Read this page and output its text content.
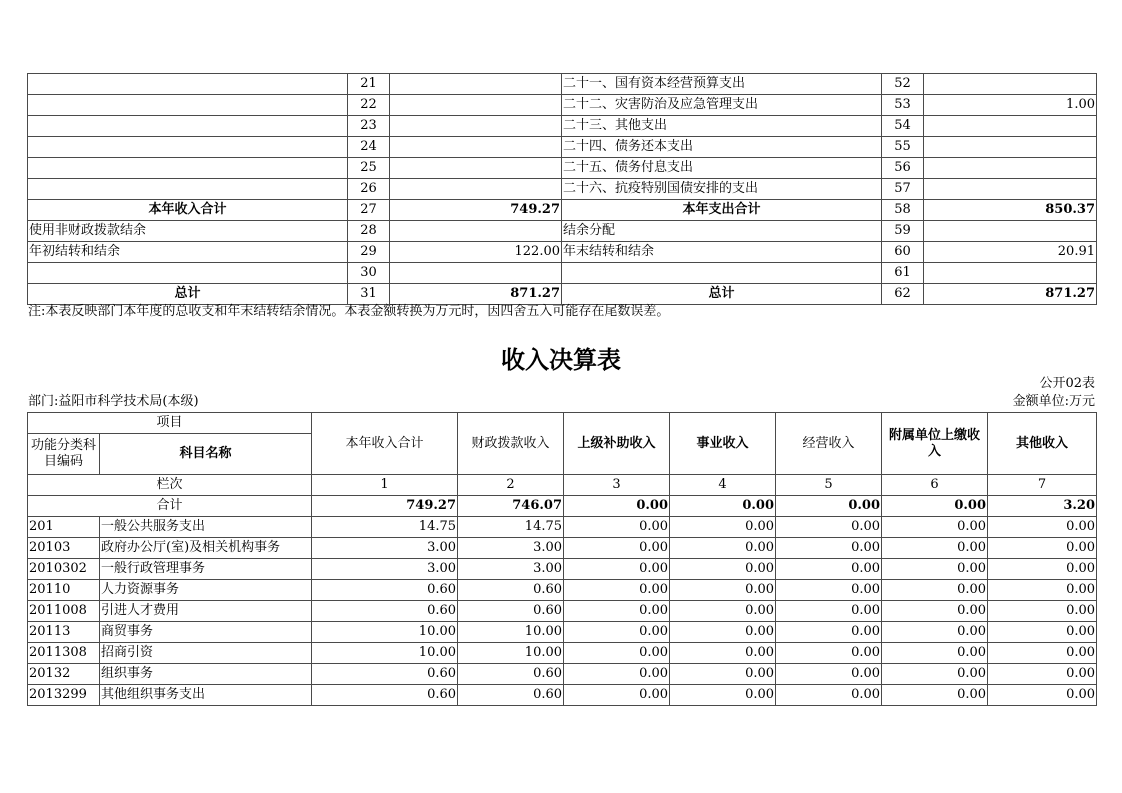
	21		二十一、国有资本经营预算支出	52	
	22		二十二、灾害防治及应急管理支出	53	1.00
	23		二十三、其他支出	54	
	24		二十四、债务还本支出	55	
	25		二十五、债务付息支出	56	
	26		二十六、抗疫特别国债安排的支出	57	
本年收入合计	27	749.27	本年支出合计	58	850.37
使用非财政拨款结余	28		结余分配	59	
年初结转和结余	29	122.00	年末结转和结余	60	20.91
	30			61	
总计	31	871.27	总计	62	871.27
注:本表反映部门本年度的总收支和年末结转结余情况。本表金额转换为万元时，因四舍五入可能存在尾数误差。
收入决算表
公开02表
部门:益阳市科学技术局(本级)	金额单位:万元
项目		本年收入合计	财政拨款收入	上级补助收入	事业收入	经营收入	附属单位上缴收入	其他收入
功能分类科目编码	科目名称							
栏次		1	2	3	4	5	6	7
合计		749.27	746.07	0.00	0.00	0.00	0.00	3.20
201	一般公共服务支出	14.75	14.75	0.00	0.00	0.00	0.00	0.00
20103	政府办公厅(室)及相关机构事务	3.00	3.00	0.00	0.00	0.00	0.00	0.00
2010302	一般行政管理事务	3.00	3.00	0.00	0.00	0.00	0.00	0.00
20110	人力资源事务	0.60	0.60	0.00	0.00	0.00	0.00	0.00
2011008	引进人才费用	0.60	0.60	0.00	0.00	0.00	0.00	0.00
20113	商贸事务	10.00	10.00	0.00	0.00	0.00	0.00	0.00
2011308	招商引资	10.00	10.00	0.00	0.00	0.00	0.00	0.00
20132	组织事务	0.60	0.60	0.00	0.00	0.00	0.00	0.00
2013299	其他组织事务支出	0.60	0.60	0.00	0.00	0.00	0.00	0.00
